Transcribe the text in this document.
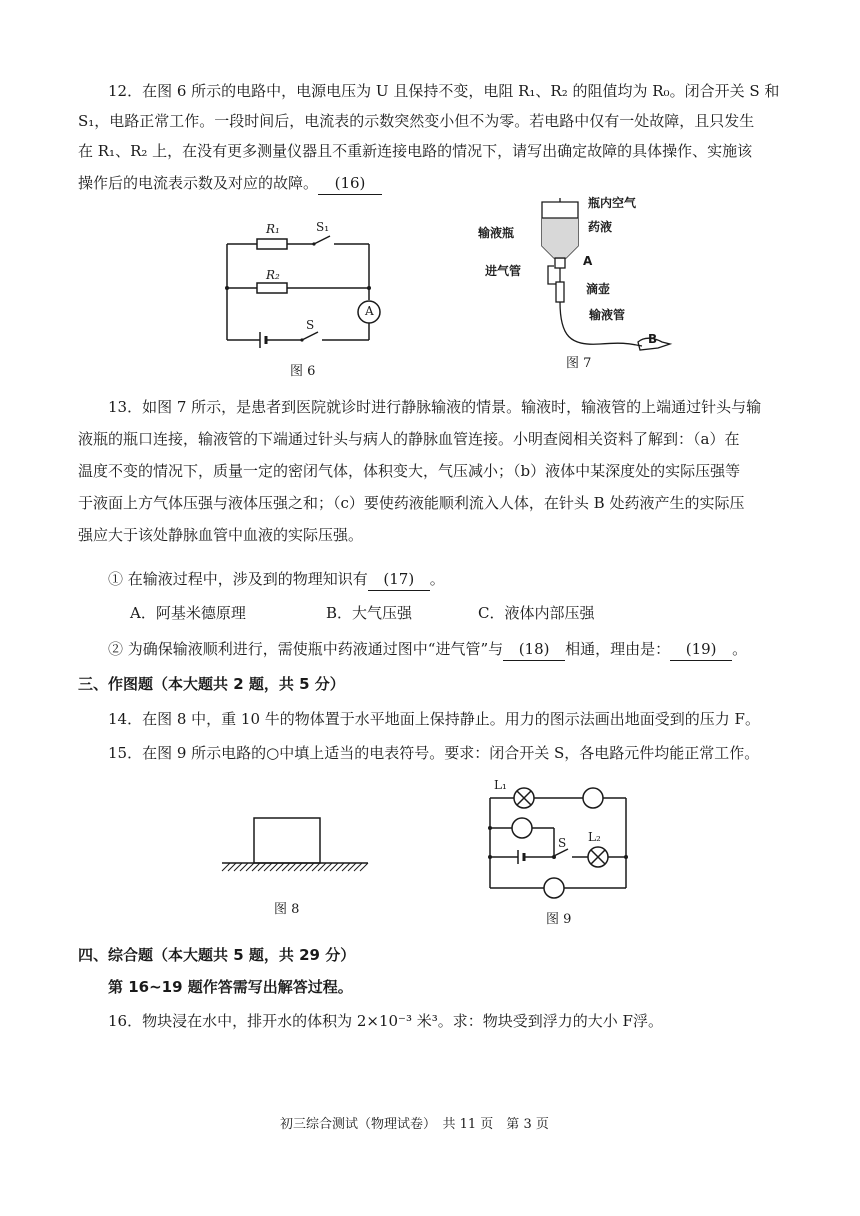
12．在图 6 所示的电路中，电源电压为 U 且保持不变，电阻 R₁、R₂ 的阻值均为 R₀。闭合开关 S 和
S₁，电路正常工作。一段时间后，电流表的示数突然变小但不为零。若电路中仅有一处故障，且只发生
在 R₁、R₂ 上，在没有更多测量仪器且不重新连接电路的情况下，请写出确定故障的具体操作、实施该
操作后的电流表示数及对应的故障。 (16)
R₁
R₂
S₁
S
A
图 6
瓶内空气
输液瓶	药液
进气管
A
滴壶
输液管
B
图 7
13．如图 7 所示，是患者到医院就诊时进行静脉输液的情景。输液时，输液管的上端通过针头与输
液瓶的瓶口连接，输液管的下端通过针头与病人的静脉血管连接。小明查阅相关资料了解到：（a）在
温度不变的情况下，质量一定的密闭气体，体积变大，气压减小；（b）液体中某深度处的实际压强等
于液面上方气体压强与液体压强之和；（c）要使药液能顺利流入人体，在针头 B 处药液产生的实际压
强应大于该处静脉血管中血液的实际压强。
① 在输液过程中，涉及到的物理知识有 (17) 。
A．阿基米德原理	B．大气压强	C．液体内部压强
② 为确保输液顺利进行，需使瓶中药液通过图中“进气管”与 (18) 相通，理由是： (19) 。
三、作图题（本大题共 2 题，共 5 分）
14．在图 8 中，重 10 牛的物体置于水平地面上保持静止。用力的图示法画出地面受到的压力 F。
15．在图 9 所示电路的○中填上适当的电表符号。要求：闭合开关 S，各电路元件均能正常工作。
图 8
L₁
L₂
S
图 9
四、综合题（本大题共 5 题，共 29 分）
第 16~19 题作答需写出解答过程。
16．物块浸在水中，排开水的体积为 2×10⁻³ 米³。求：物块受到浮力的大小 F浮。
初三综合测试（物理试卷）　共 11 页　第 3 页
